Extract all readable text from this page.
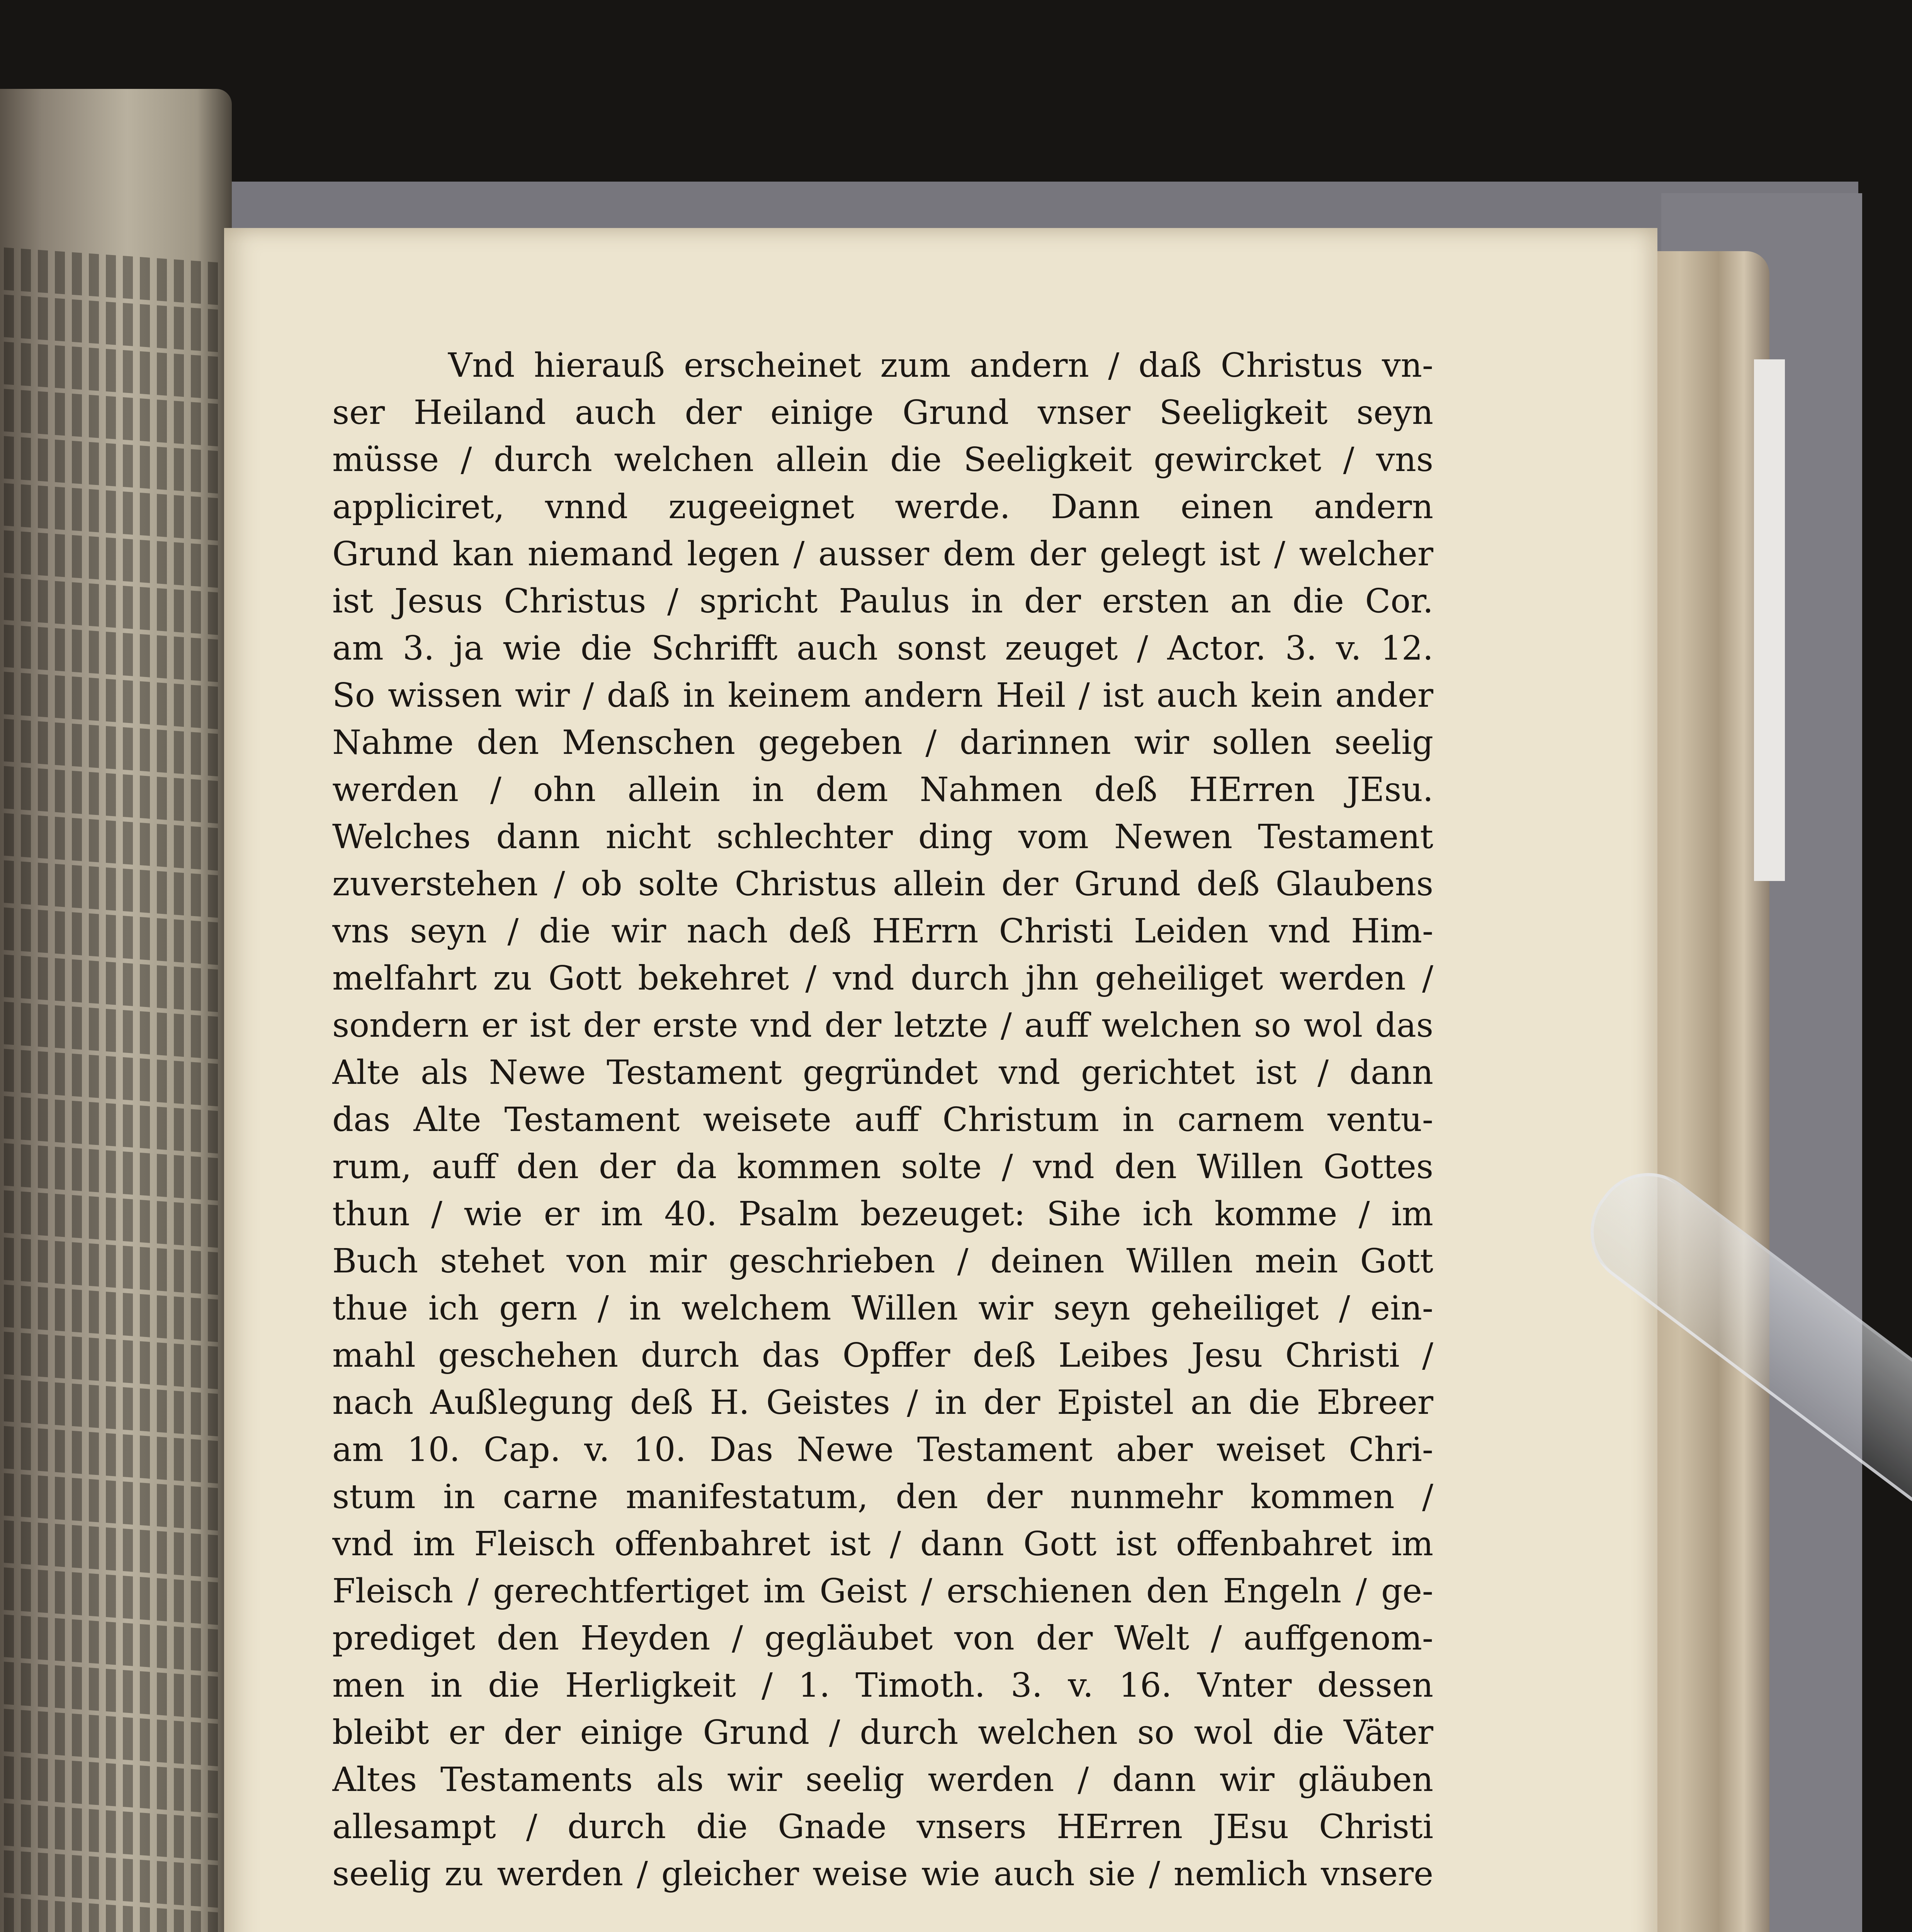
Vnd hierauß erscheinet zum andern / daß Christus vn-
ser Heiland auch der einige Grund vnser Seeligkeit seyn
müsse / durch welchen allein die Seeligkeit gewircket / vns
appliciret, vnnd zugeeignet werde. Dann einen andern
Grund kan niemand legen / ausser dem der gelegt ist / welcher
ist Jesus Christus / spricht Paulus in der ersten an die Cor.
am 3. ja wie die Schrifft auch sonst zeuget / Actor. 3. v. 12.
So wissen wir / daß in keinem andern Heil / ist auch kein ander
Nahme den Menschen gegeben / darinnen wir sollen seelig
werden / ohn allein in dem Nahmen deß HErren JEsu.
Welches dann nicht schlechter ding vom Newen Testament
zuverstehen / ob solte Christus allein der Grund deß Glaubens
vns seyn / die wir nach deß HErrn Christi Leiden vnd Him-
melfahrt zu Gott bekehret / vnd durch jhn geheiliget werden /
sondern er ist der erste vnd der letzte / auff welchen so wol das
Alte als Newe Testament gegründet vnd gerichtet ist / dann
das Alte Testament weisete auff Christum in carnem ventu-
rum, auff den der da kommen solte / vnd den Willen Gottes
thun / wie er im 40. Psalm bezeuget: Sihe ich komme / im
Buch stehet von mir geschrieben / deinen Willen mein Gott
thue ich gern / in welchem Willen wir seyn geheiliget / ein-
mahl geschehen durch das Opffer deß Leibes Jesu Christi /
nach Außlegung deß H. Geistes / in der Epistel an die Ebreer
am 10. Cap. v. 10. Das Newe Testament aber weiset Chri-
stum in carne manifestatum, den der nunmehr kommen /
vnd im Fleisch offenbahret ist / dann Gott ist offenbahret im
Fleisch / gerechtfertiget im Geist / erschienen den Engeln / ge-
prediget den Heyden / gegläubet von der Welt / auffgenom-
men in die Herligkeit / 1. Timoth. 3. v. 16. Vnter dessen
bleibt er der einige Grund / durch welchen so wol die Väter
Altes Testaments als wir seelig werden / dann wir gläuben
allesampt / durch die Gnade vnsers HErren JEsu Christi
seelig zu werden / gleicher weise wie auch sie / nemlich vnsere
